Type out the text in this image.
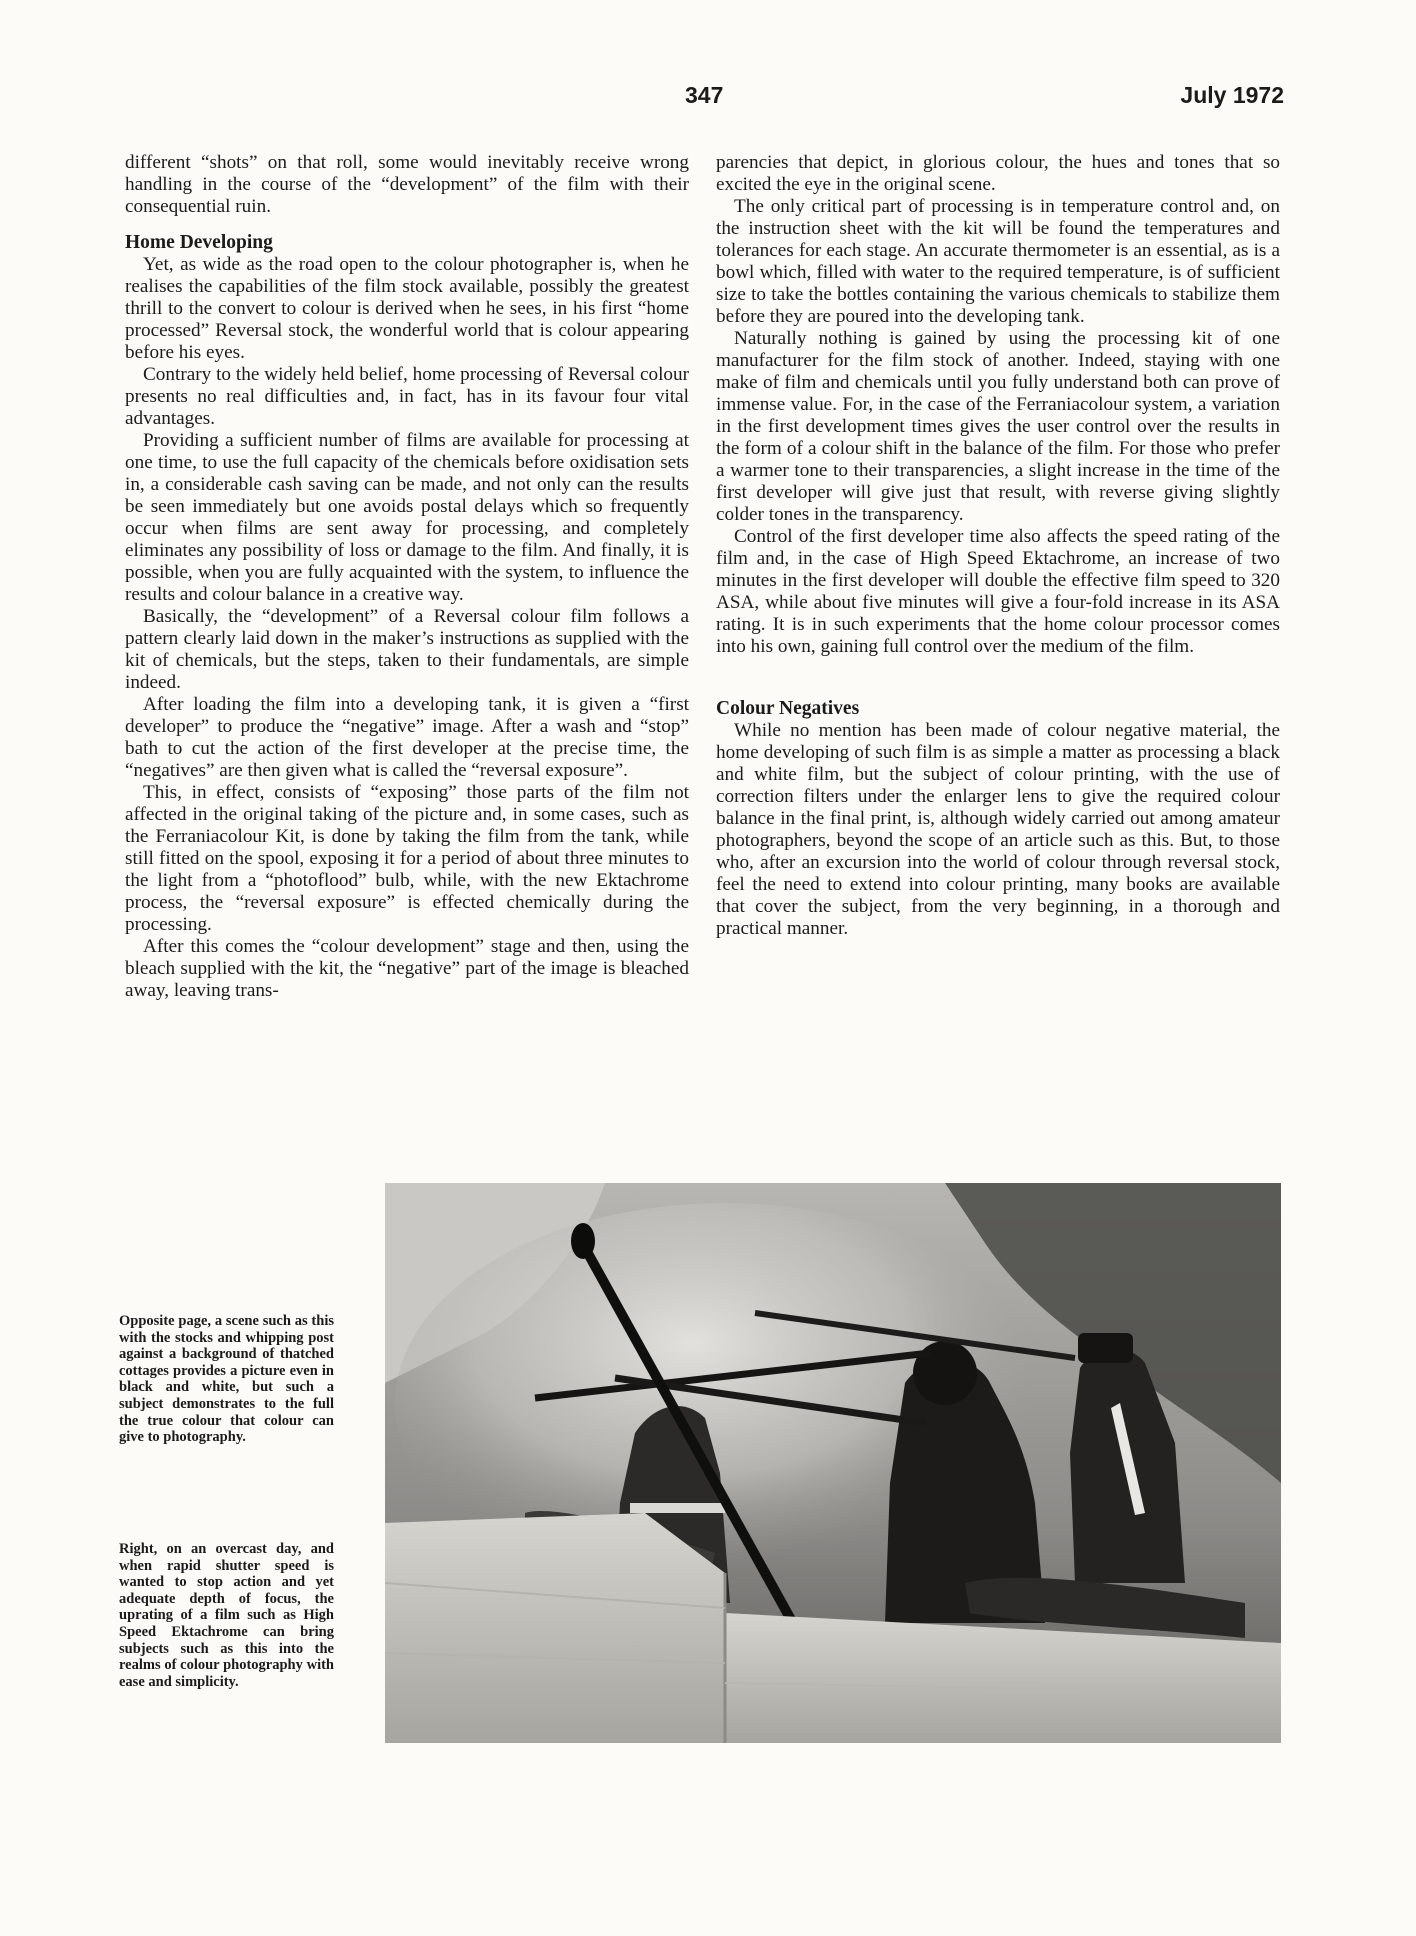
347	July 1972

different “shots” on that roll, some would inevitably receive wrong handling in the course of the “development” of the film with their consequential ruin.

Home Developing

Yet, as wide as the road open to the colour photographer is, when he realises the capabilities of the film stock available, possibly the greatest thrill to the convert to colour is derived when he sees, in his first “home processed” Reversal stock, the wonderful world that is colour appearing before his eyes.

Contrary to the widely held belief, home processing of Reversal colour presents no real difficulties and, in fact, has in its favour four vital advantages.

Providing a sufficient number of films are available for processing at one time, to use the full capacity of the chemicals before oxidisation sets in, a considerable cash saving can be made, and not only can the results be seen immediately but one avoids postal delays which so frequently occur when films are sent away for processing, and completely eliminates any possibility of loss or damage to the film. And finally, it is possible, when you are fully acquainted with the system, to influence the results and colour balance in a creative way.

Basically, the “development” of a Reversal colour film follows a pattern clearly laid down in the maker’s instructions as supplied with the kit of chemicals, but the steps, taken to their fundamentals, are simple indeed.

After loading the film into a developing tank, it is given a “first developer” to produce the “negative” image. After a wash and “stop” bath to cut the action of the first developer at the precise time, the “negatives” are then given what is called the “reversal exposure”.

This, in effect, consists of “exposing” those parts of the film not affected in the original taking of the picture and, in some cases, such as the Ferraniacolour Kit, is done by taking the film from the tank, while still fitted on the spool, exposing it for a period of about three minutes to the light from a “photoflood” bulb, while, with the new Ektachrome process, the “reversal exposure” is effected chemically during the processing.

After this comes the “colour development” stage and then, using the bleach supplied with the kit, the “negative” part of the image is bleached away, leaving trans-

parencies that depict, in glorious colour, the hues and tones that so excited the eye in the original scene.

The only critical part of processing is in temperature control and, on the instruction sheet with the kit will be found the temperatures and tolerances for each stage. An accurate thermometer is an essential, as is a bowl which, filled with water to the required temperature, is of sufficient size to take the bottles containing the various chemicals to stabilize them before they are poured into the developing tank.

Naturally nothing is gained by using the processing kit of one manufacturer for the film stock of another. Indeed, staying with one make of film and chemicals until you fully understand both can prove of immense value. For, in the case of the Ferraniacolour system, a variation in the first development times gives the user control over the results in the form of a colour shift in the balance of the film. For those who prefer a warmer tone to their transparencies, a slight increase in the time of the first developer will give just that result, with reverse giving slightly colder tones in the transparency.

Control of the first developer time also affects the speed rating of the film and, in the case of High Speed Ektachrome, an increase of two minutes in the first developer will double the effective film speed to 320 ASA, while about five minutes will give a four-fold increase in its ASA rating. It is in such experiments that the home colour processor comes into his own, gaining full control over the medium of the film.

Colour Negatives

While no mention has been made of colour negative material, the home developing of such film is as simple a matter as processing a black and white film, but the subject of colour printing, with the use of correction filters under the enlarger lens to give the required colour balance in the final print, is, although widely carried out among amateur photographers, beyond the scope of an article such as this. But, to those who, after an excursion into the world of colour through reversal stock, feel the need to extend into colour printing, many books are available that cover the subject, from the very beginning, in a thorough and practical manner.

Opposite page, a scene such as this with the stocks and whipping post against a background of thatched cottages provides a picture even in black and white, but such a subject demonstrates to the full the true colour that colour can give to photography.

Right, on an overcast day, and when rapid shutter speed is wanted to stop action and yet adequate depth of focus, the uprating of a film such as High Speed Ektachrome can bring subjects such as this into the realms of colour photography with ease and simplicity.
